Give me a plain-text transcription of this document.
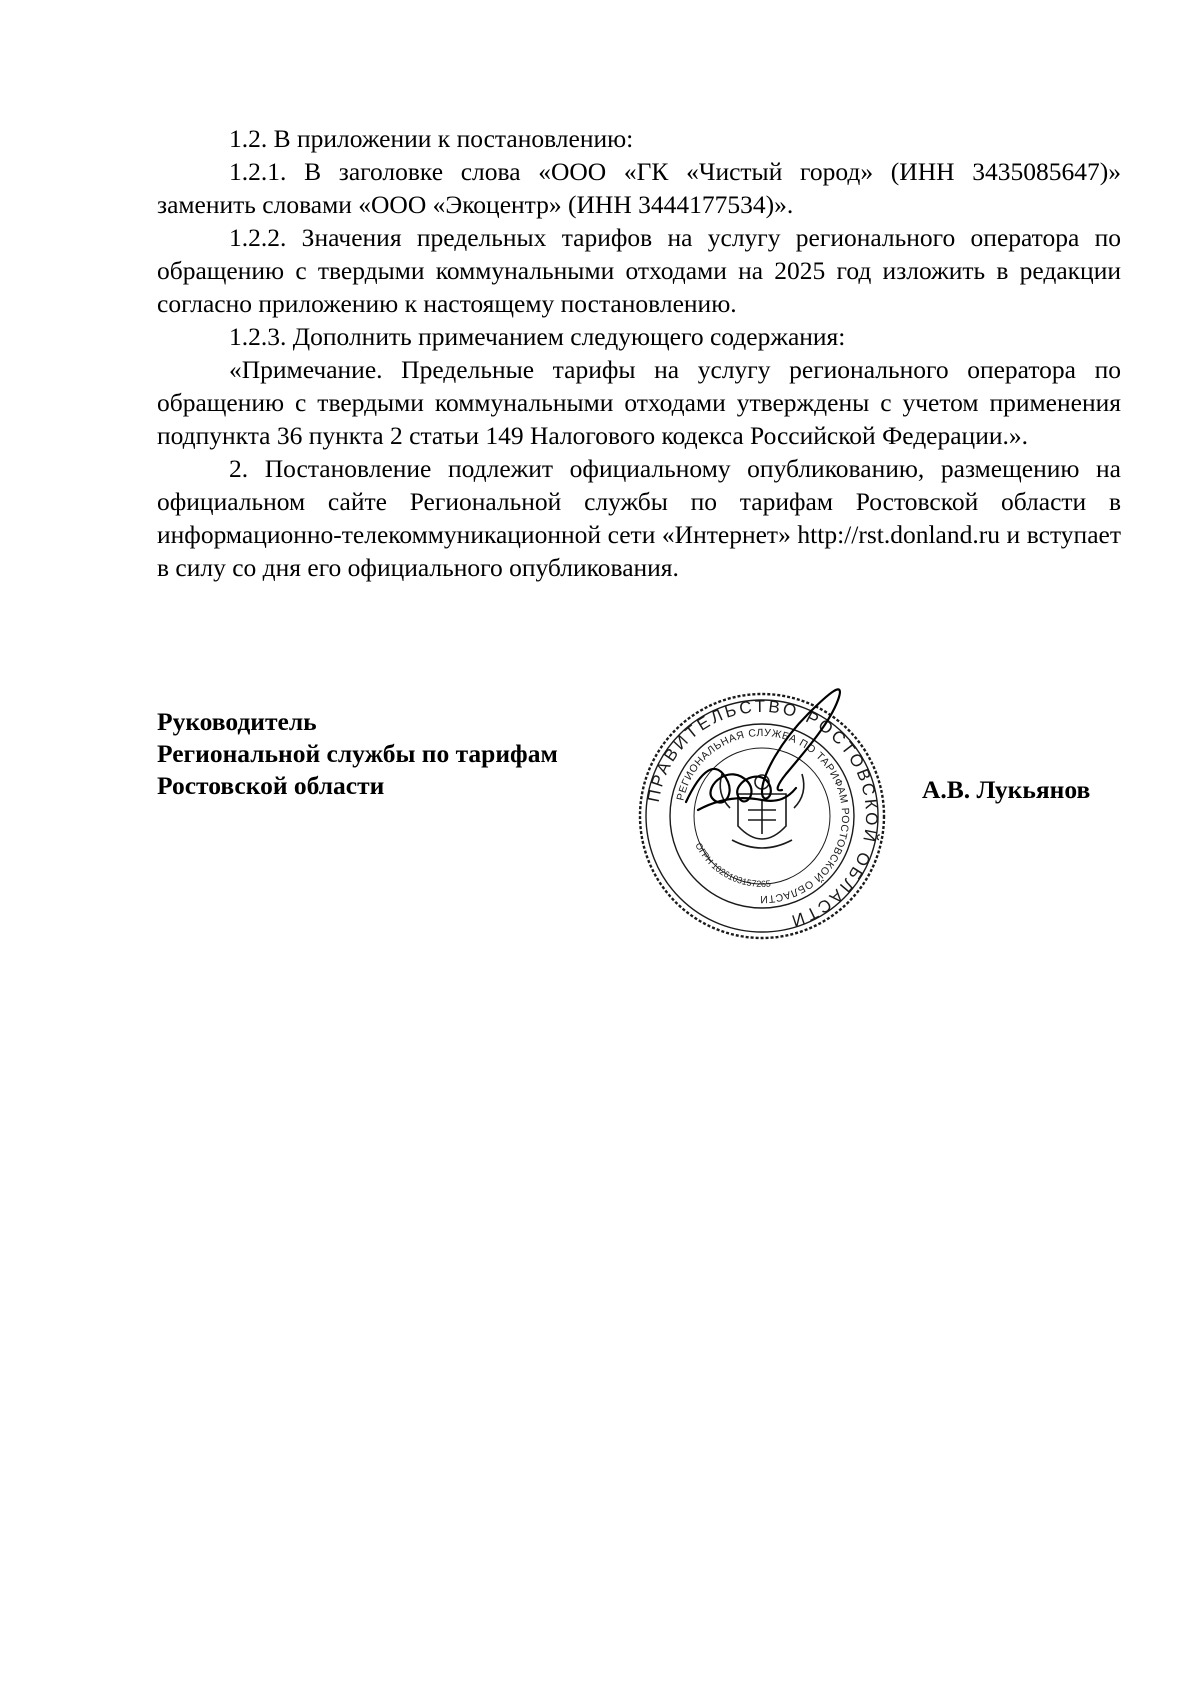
1.2. В приложении к постановлению:

1.2.1. В заголовке слова «ООО «ГК «Чистый город» (ИНН 3435085647)» заменить словами «ООО «Экоцентр» (ИНН 3444177534)».

1.2.2. Значения предельных тарифов на услугу регионального оператора по обращению с твердыми коммунальными отходами на 2025 год изложить в редакции согласно приложению к настоящему постановлению.

1.2.3. Дополнить примечанием следующего содержания:

«Примечание. Предельные тарифы на услугу регионального оператора по обращению с твердыми коммунальными отходами утверждены с учетом применения подпункта 36 пункта 2 статьи 149 Налогового кодекса Российской Федерации.».

2. Постановление подлежит официальному опубликованию, размещению на официальном сайте Региональной службы по тарифам Ростовской области в информационно-телекоммуникационной сети «Интернет» http://rst.donland.ru и вступает в силу со дня его официального опубликования.

Руководитель
Региональной службы по тарифам
Ростовской области	ПРАВИТЕЛЬСТВО РОСТОВСКОЙ ОБЛАСТИ
РЕГИОНАЛЬНАЯ СЛУЖБА ПО ТАРИФАМ РОСТОВСКОЙ ОБЛАСТИ
ОГРН 1026103157265
А.В. Лукьянов
